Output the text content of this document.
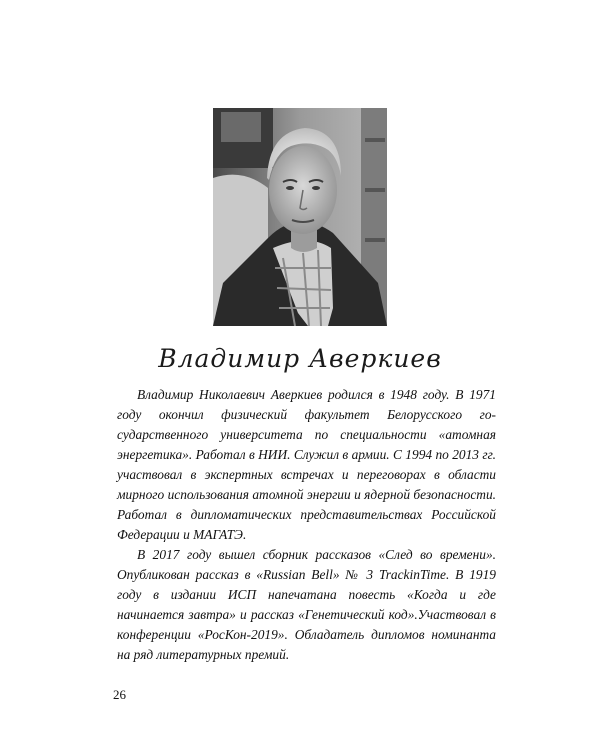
Владимир Аверкиев

Владимир Николаевич Аверкиев родился в 1948 году. В 1971 году окончил физический факультет Белорусского государственного университета по специальности «атомная энергетика». Работал в НИИ. Служил в армии. С 1994 по 2013 гг. участвовал в экспертных встречах и переговорах в области мирного использования атомной энергии и ядерной безопасности. Работал в дипломатических представительствах Российской Федерации и МАГАТЭ.

В 2017 году вышел сборник рассказов «След во времени». Опубликован рассказ в «Russian Bell» № 3 TrackinTime. В 1919 году в издании ИСП напечатана повесть «Когда и где начинается завтра» и рассказ «Генетический код».Участвовал в конференции «РосКон-2019». Обладатель дипломов номинанта на ряд литературных премий.

26
